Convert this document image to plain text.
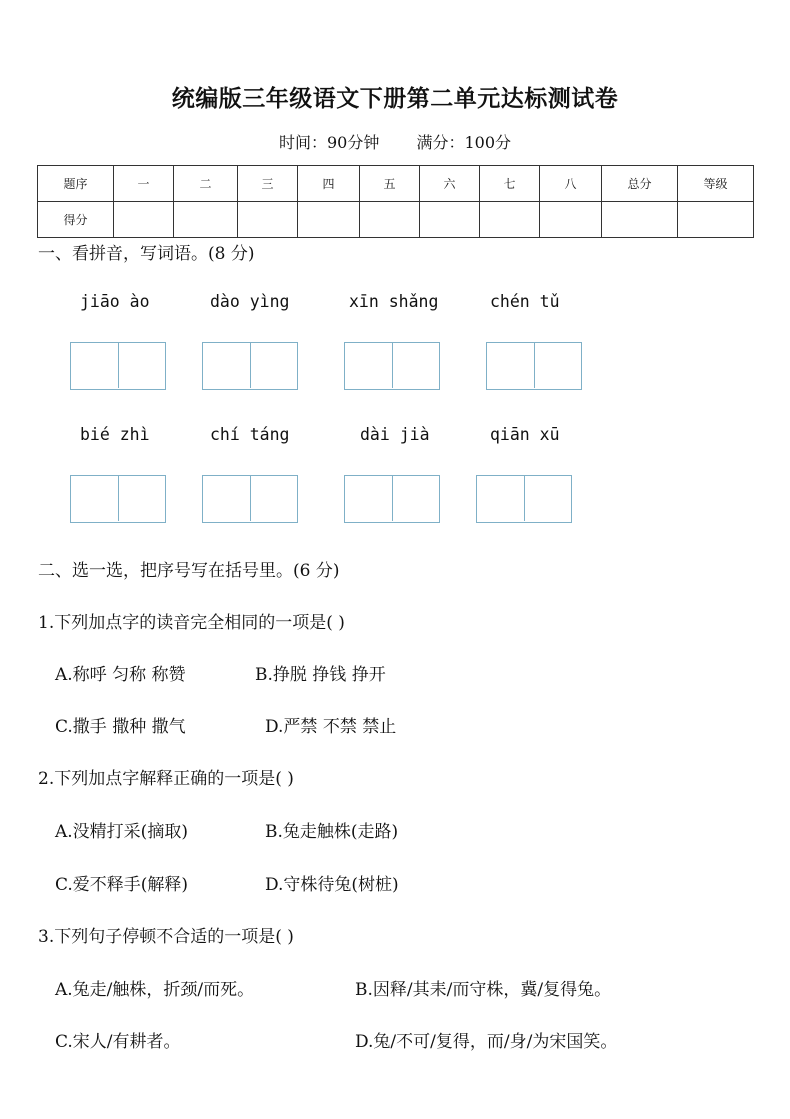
统编版三年级语文下册第二单元达标测试卷
时间：90分钟 满分：100分
题序	一	二	三	四	五	六	七	八	总分	等级
得分										
一、看拼音，写词语。(8 分)
jiāo ào	dào yìng	xīn shǎng	chén tǔ
bié zhì	chí táng	dài jià	qiān xū
二、选一选，把序号写在括号里。(6 分)
1.下列加点字的读音完全相同的一项是( )
A.称呼 匀称 称赞	B.挣脱 挣钱 挣开
C.撒手 撒种 撒气	D.严禁 不禁 禁止
2.下列加点字解释正确的一项是( )
A.没精打采(摘取)	B.兔走触株(走路)
C.爱不释手(解释)	D.守株待兔(树桩)
3.下列句子停顿不合适的一项是( )
A.兔走/触株，折颈/而死。	B.因释/其耒/而守株，冀/复得兔。
C.宋人/有耕者。	D.兔/不可/复得，而/身/为宋国笑。
